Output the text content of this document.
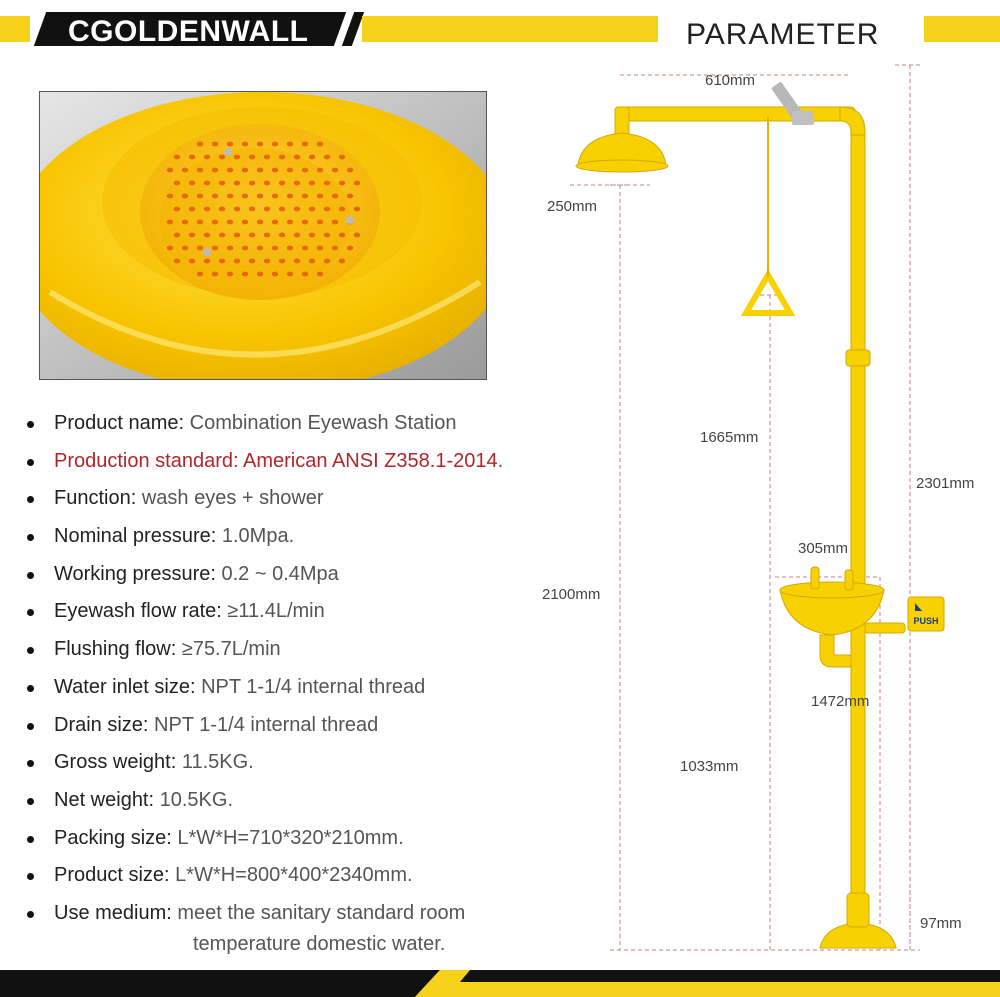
CGOLDENWALL	PARAMETER
Product name: Combination Eyewash Station
Production standard: American ANSI Z358.1-2014.
Function: wash eyes + shower
Nominal pressure: 1.0Mpa.
Working pressure: 0.2 ~ 0.4Mpa
Eyewash flow rate: ≥11.4L/min
Flushing flow: ≥75.7L/min
Water inlet size: NPT 1-1/4 internal thread
Drain size: NPT 1-1/4 internal thread
Gross weight: 11.5KG.
Net weight: 10.5KG.
Packing size: L*W*H=710*320*210mm.
Product size: L*W*H=800*400*2340mm.
Use medium: meet the sanitary standard room
temperature domestic water.
PUSH
610mm
250mm
1665mm
2301mm
305mm
2100mm
1472mm
1033mm
97mm
